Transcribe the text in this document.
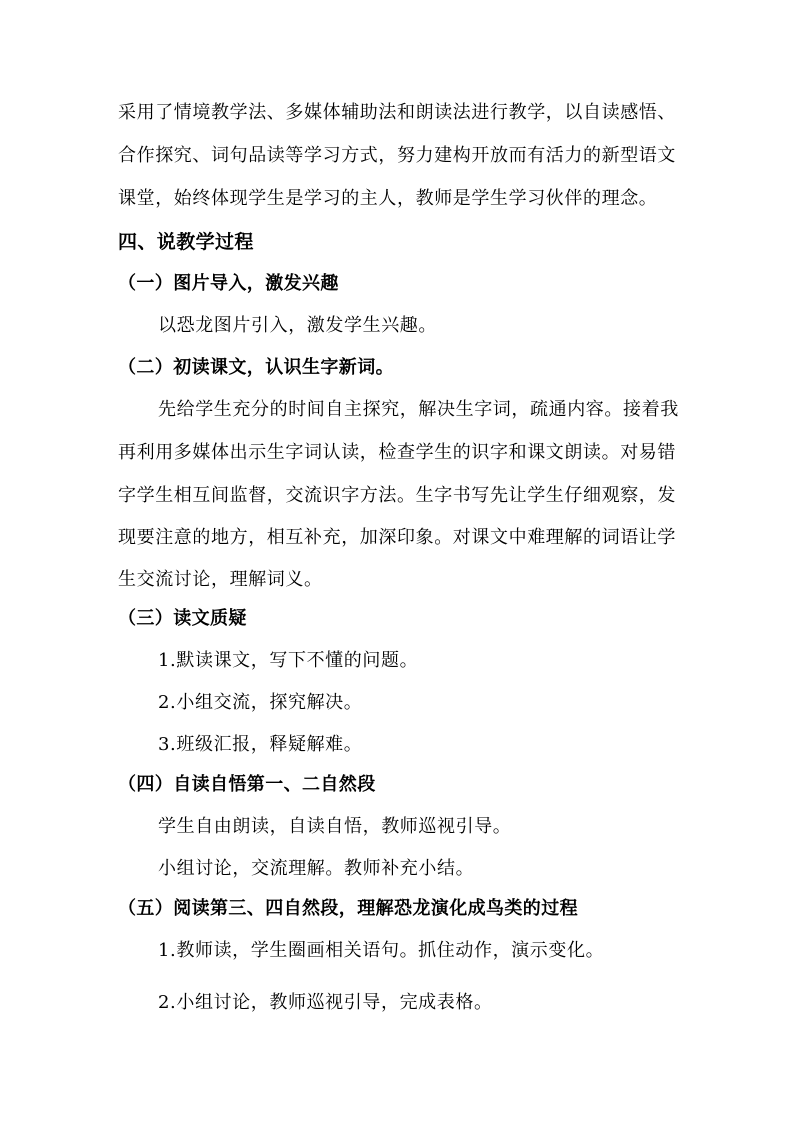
采用了情境教学法、多媒体辅助法和朗读法进行教学，以自读感悟、
合作探究、词句品读等学习方式，努力建构开放而有活力的新型语文
课堂，始终体现学生是学习的主人，教师是学生学习伙伴的理念。
四、说教学过程
（一）图片导入，激发兴趣
以恐龙图片引入，激发学生兴趣。
（二）初读课文，认识生字新词。
先给学生充分的时间自主探究，解决生字词，疏通内容。接着我
再利用多媒体出示生字词认读，检查学生的识字和课文朗读。对易错
字学生相互间监督，交流识字方法。生字书写先让学生仔细观察，发
现要注意的地方，相互补充，加深印象。对课文中难理解的词语让学
生交流讨论，理解词义。
（三）读文质疑
1.默读课文，写下不懂的问题。
2.小组交流，探究解决。
3.班级汇报，释疑解难。
（四）自读自悟第一、二自然段
学生自由朗读，自读自悟，教师巡视引导。
小组讨论，交流理解。教师补充小结。
（五）阅读第三、四自然段，理解恐龙演化成鸟类的过程
1.教师读，学生圈画相关语句。抓住动作，演示变化。
2.小组讨论，教师巡视引导，完成表格。
